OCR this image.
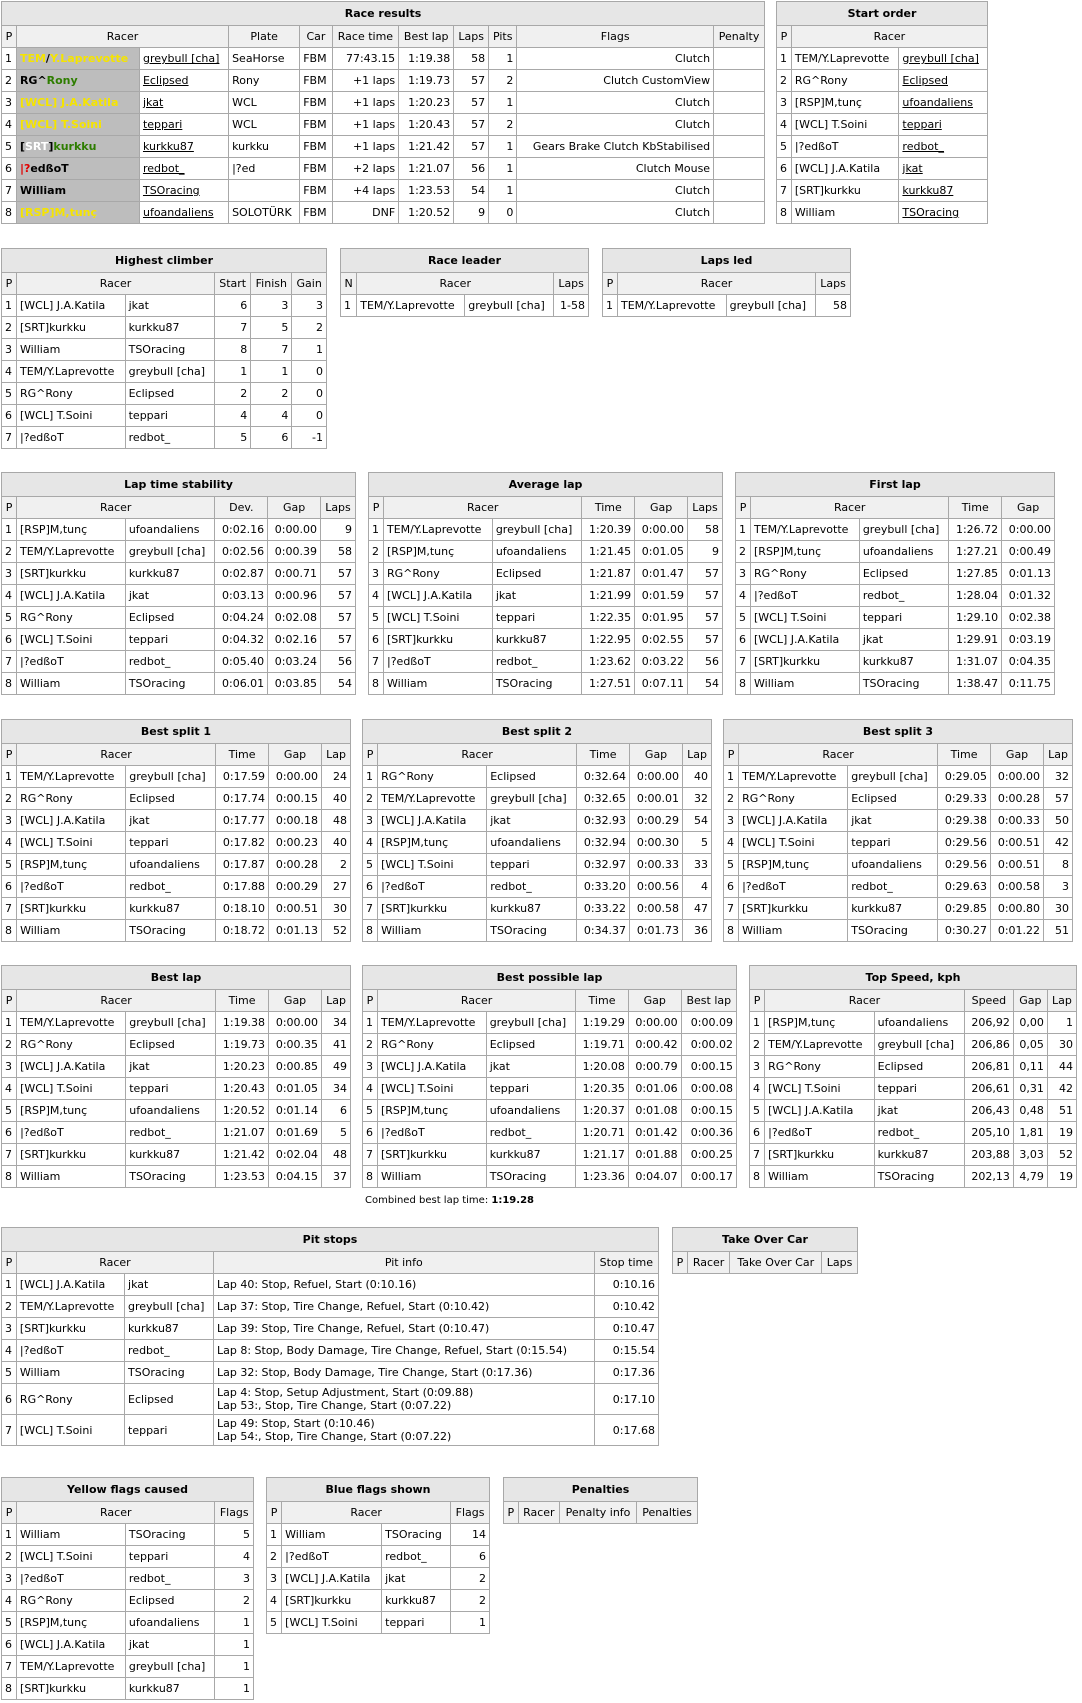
Race results										
P	Racer		Plate	Car	Race time	Best lap	Laps	Pits	Flags	Penalty
1	TEM/Y.Laprevotte	greybull [cha]	SeaHorse	FBM	77:43.15	1:19.38	58	1	Clutch	
2	RG^Rony	Eclipsed	Rony	FBM	+1 laps	1:19.73	57	2	Clutch CustomView	
3	[WCL] J.A.Katila	jkat	WCL	FBM	+1 laps	1:20.23	57	1	Clutch	
4	[WCL] T.Soini	teppari	WCL	FBM	+1 laps	1:20.43	57	2	Clutch	
5	[SRT]kurkku	kurkku87	kurkku	FBM	+1 laps	1:21.42	57	1	Gears Brake Clutch KbStabilised	
6	|?edßoT	redbot_	|?ed	FBM	+2 laps	1:21.07	56	1	Clutch Mouse	
7	William	TSOracing		FBM	+4 laps	1:23.53	54	1	Clutch	
8	[RSP]M,tunç	ufoandaliens	SOLOTÜRK	FBM	DNF	1:20.52	9	0	Clutch	
Start order		
P	Racer	
1	TEM/Y.Laprevotte	greybull [cha]
2	RG^Rony	Eclipsed
3	[RSP]M,tunç	ufoandaliens
4	[WCL] T.Soini	teppari
5	|?edßoT	redbot_
6	[WCL] J.A.Katila	jkat
7	[SRT]kurkku	kurkku87
8	William	TSOracing
Highest climber					
P	Racer		Start	Finish	Gain
1	[WCL] J.A.Katila	jkat	6	3	3
2	[SRT]kurkku	kurkku87	7	5	2
3	William	TSOracing	8	7	1
4	TEM/Y.Laprevotte	greybull [cha]	1	1	0
5	RG^Rony	Eclipsed	2	2	0
6	[WCL] T.Soini	teppari	4	4	0
7	|?edßoT	redbot_	5	6	-1
Race leader			
N	Racer		Laps
1	TEM/Y.Laprevotte	greybull [cha]	1-58
Laps led			
P	Racer		Laps
1	TEM/Y.Laprevotte	greybull [cha]	58
Lap time stability					
P	Racer		Dev.	Gap	Laps
1	[RSP]M,tunç	ufoandaliens	0:02.16	0:00.00	9
2	TEM/Y.Laprevotte	greybull [cha]	0:02.56	0:00.39	58
3	[SRT]kurkku	kurkku87	0:02.87	0:00.71	57
4	[WCL] J.A.Katila	jkat	0:03.13	0:00.96	57
5	RG^Rony	Eclipsed	0:04.24	0:02.08	57
6	[WCL] T.Soini	teppari	0:04.32	0:02.16	57
7	|?edßoT	redbot_	0:05.40	0:03.24	56
8	William	TSOracing	0:06.01	0:03.85	54
Average lap					
P	Racer		Time	Gap	Laps
1	TEM/Y.Laprevotte	greybull [cha]	1:20.39	0:00.00	58
2	[RSP]M,tunç	ufoandaliens	1:21.45	0:01.05	9
3	RG^Rony	Eclipsed	1:21.87	0:01.47	57
4	[WCL] J.A.Katila	jkat	1:21.99	0:01.59	57
5	[WCL] T.Soini	teppari	1:22.35	0:01.95	57
6	[SRT]kurkku	kurkku87	1:22.95	0:02.55	57
7	|?edßoT	redbot_	1:23.62	0:03.22	56
8	William	TSOracing	1:27.51	0:07.11	54
First lap				
P	Racer		Time	Gap
1	TEM/Y.Laprevotte	greybull [cha]	1:26.72	0:00.00
2	[RSP]M,tunç	ufoandaliens	1:27.21	0:00.49
3	RG^Rony	Eclipsed	1:27.85	0:01.13
4	|?edßoT	redbot_	1:28.04	0:01.32
5	[WCL] T.Soini	teppari	1:29.10	0:02.38
6	[WCL] J.A.Katila	jkat	1:29.91	0:03.19
7	[SRT]kurkku	kurkku87	1:31.07	0:04.35
8	William	TSOracing	1:38.47	0:11.75
Best split 1					
P	Racer		Time	Gap	Lap
1	TEM/Y.Laprevotte	greybull [cha]	0:17.59	0:00.00	24
2	RG^Rony	Eclipsed	0:17.74	0:00.15	40
3	[WCL] J.A.Katila	jkat	0:17.77	0:00.18	48
4	[WCL] T.Soini	teppari	0:17.82	0:00.23	40
5	[RSP]M,tunç	ufoandaliens	0:17.87	0:00.28	2
6	|?edßoT	redbot_	0:17.88	0:00.29	27
7	[SRT]kurkku	kurkku87	0:18.10	0:00.51	30
8	William	TSOracing	0:18.72	0:01.13	52
Best split 2					
P	Racer		Time	Gap	Lap
1	RG^Rony	Eclipsed	0:32.64	0:00.00	40
2	TEM/Y.Laprevotte	greybull [cha]	0:32.65	0:00.01	32
3	[WCL] J.A.Katila	jkat	0:32.93	0:00.29	54
4	[RSP]M,tunç	ufoandaliens	0:32.94	0:00.30	5
5	[WCL] T.Soini	teppari	0:32.97	0:00.33	33
6	|?edßoT	redbot_	0:33.20	0:00.56	4
7	[SRT]kurkku	kurkku87	0:33.22	0:00.58	47
8	William	TSOracing	0:34.37	0:01.73	36
Best split 3					
P	Racer		Time	Gap	Lap
1	TEM/Y.Laprevotte	greybull [cha]	0:29.05	0:00.00	32
2	RG^Rony	Eclipsed	0:29.33	0:00.28	57
3	[WCL] J.A.Katila	jkat	0:29.38	0:00.33	50
4	[WCL] T.Soini	teppari	0:29.56	0:00.51	42
5	[RSP]M,tunç	ufoandaliens	0:29.56	0:00.51	8
6	|?edßoT	redbot_	0:29.63	0:00.58	3
7	[SRT]kurkku	kurkku87	0:29.85	0:00.80	30
8	William	TSOracing	0:30.27	0:01.22	51
Best lap					
P	Racer		Time	Gap	Lap
1	TEM/Y.Laprevotte	greybull [cha]	1:19.38	0:00.00	34
2	RG^Rony	Eclipsed	1:19.73	0:00.35	41
3	[WCL] J.A.Katila	jkat	1:20.23	0:00.85	49
4	[WCL] T.Soini	teppari	1:20.43	0:01.05	34
5	[RSP]M,tunç	ufoandaliens	1:20.52	0:01.14	6
6	|?edßoT	redbot_	1:21.07	0:01.69	5
7	[SRT]kurkku	kurkku87	1:21.42	0:02.04	48
8	William	TSOracing	1:23.53	0:04.15	37
Best possible lap					
P	Racer		Time	Gap	Best lap
1	TEM/Y.Laprevotte	greybull [cha]	1:19.29	0:00.00	0:00.09
2	RG^Rony	Eclipsed	1:19.71	0:00.42	0:00.02
3	[WCL] J.A.Katila	jkat	1:20.08	0:00.79	0:00.15
4	[WCL] T.Soini	teppari	1:20.35	0:01.06	0:00.08
5	[RSP]M,tunç	ufoandaliens	1:20.37	0:01.08	0:00.15
6	|?edßoT	redbot_	1:20.71	0:01.42	0:00.36
7	[SRT]kurkku	kurkku87	1:21.17	0:01.88	0:00.25
8	William	TSOracing	1:23.36	0:04.07	0:00.17
Top Speed, kph					
P	Racer		Speed	Gap	Lap
1	[RSP]M,tunç	ufoandaliens	206,92	0,00	1
2	TEM/Y.Laprevotte	greybull [cha]	206,86	0,05	30
3	RG^Rony	Eclipsed	206,81	0,11	44
4	[WCL] T.Soini	teppari	206,61	0,31	42
5	[WCL] J.A.Katila	jkat	206,43	0,48	51
6	|?edßoT	redbot_	205,10	1,81	19
7	[SRT]kurkku	kurkku87	203,88	3,03	52
8	William	TSOracing	202,13	4,79	19
Combined best lap time: 1:19.28
Pit stops				
P	Racer		Pit info	Stop time
1	[WCL] J.A.Katila	jkat	Lap 40: Stop, Refuel, Start (0:10.16)	0:10.16
2	TEM/Y.Laprevotte	greybull [cha]	Lap 37: Stop, Tire Change, Refuel, Start (0:10.42)	0:10.42
3	[SRT]kurkku	kurkku87	Lap 39: Stop, Tire Change, Refuel, Start (0:10.47)	0:10.47
4	|?edßoT	redbot_	Lap 8: Stop, Body Damage, Tire Change, Refuel, Start (0:15.54)	0:15.54
5	William	TSOracing	Lap 32: Stop, Body Damage, Tire Change, Start (0:17.36)	0:17.36
6	RG^Rony	Eclipsed	Lap 4: Stop, Setup Adjustment, Start (0:09.88)
Lap 53:, Stop, Tire Change, Start (0:07.22)	0:17.10
7	[WCL] T.Soini	teppari	Lap 49: Stop, Start (0:10.46)
Lap 54:, Stop, Tire Change, Start (0:07.22)	0:17.68
Take Over Car
P	Racer	Take Over Car	Laps
Yellow flags caused			
P	Racer		Flags
1	William	TSOracing	5
2	[WCL] T.Soini	teppari	4
3	|?edßoT	redbot_	3
4	RG^Rony	Eclipsed	2
5	[RSP]M,tunç	ufoandaliens	1
6	[WCL] J.A.Katila	jkat	1
7	TEM/Y.Laprevotte	greybull [cha]	1
8	[SRT]kurkku	kurkku87	1
Blue flags shown			
P	Racer		Flags
1	William	TSOracing	14
2	|?edßoT	redbot_	6
3	[WCL] J.A.Katila	jkat	2
4	[SRT]kurkku	kurkku87	2
5	[WCL] T.Soini	teppari	1
Penalties
P	Racer	Penalty info	Penalties
